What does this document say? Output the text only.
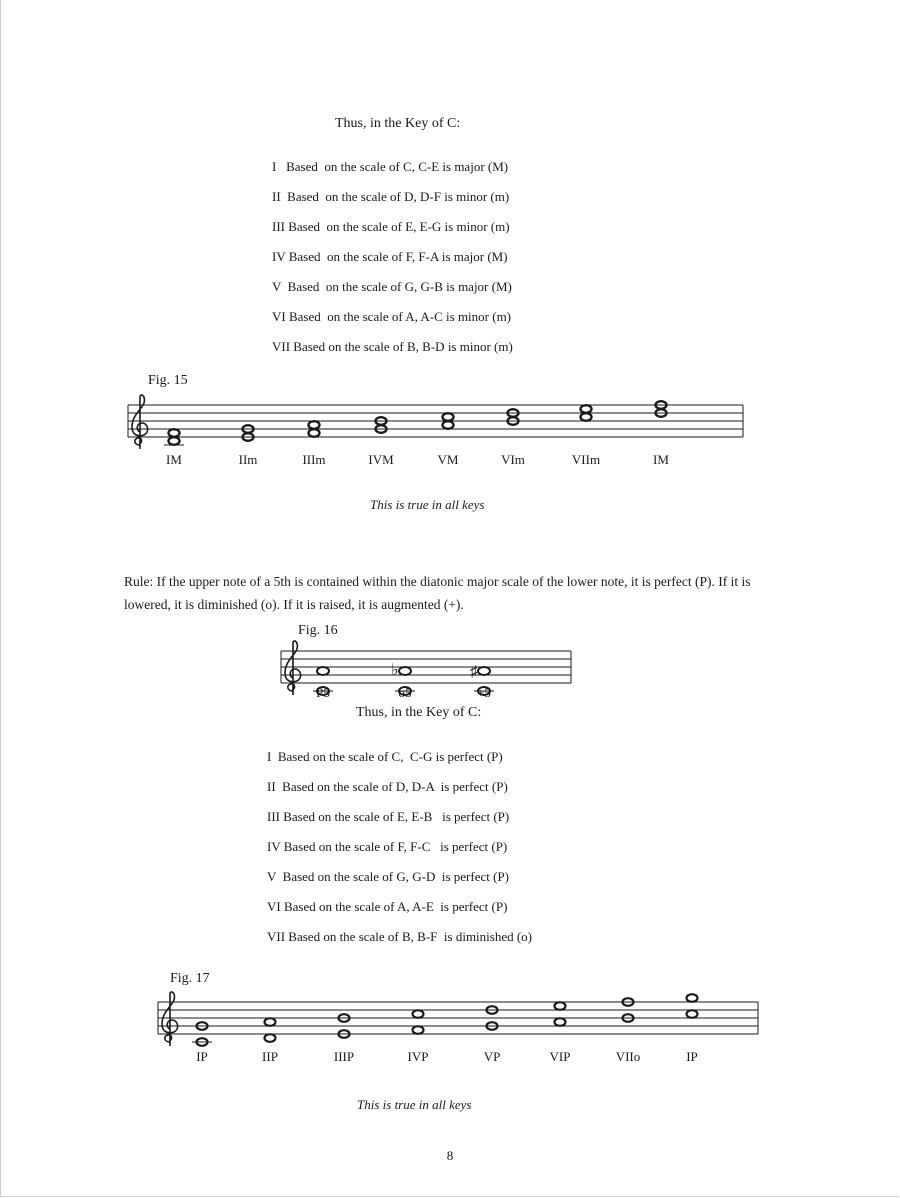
Thus, in the Key of C:
I   Based  on the scale of C, C-E is major (M)
II  Based  on the scale of D, D-F is minor (m)
III Based  on the scale of E, E-G is minor (m)
IV Based  on the scale of F, F-A is major (M)
V  Based  on the scale of G, G-B is major (M)
VI Based  on the scale of A, A-C is minor (m)
VII Based on the scale of B, B-D is minor (m)
Fig. 15
IM	IIm	IIIm	IVM	VM	VIm	VIIm	IM
This is true in all keys
Rule: If the upper note of a 5th is contained within the diatonic major scale of the lower note, it is perfect (P). If it is lowered, it is diminished (o). If it is raised, it is augmented (+).
Fig. 16
♭	♯
P5	o5	+5
Thus, in the Key of C:
I  Based on the scale of C,  C-G is perfect (P)
II  Based on the scale of D, D-A  is perfect (P)
III Based on the scale of E, E-B   is perfect (P)
IV Based on the scale of F, F-C   is perfect (P)
V  Based on the scale of G, G-D  is perfect (P)
VI Based on the scale of A, A-E  is perfect (P)
VII Based on the scale of B, B-F  is diminished (o)
Fig. 17
IP	IIP	IIIP	IVP	VP	VIP	VIIo	IP
This is true in all keys
8
